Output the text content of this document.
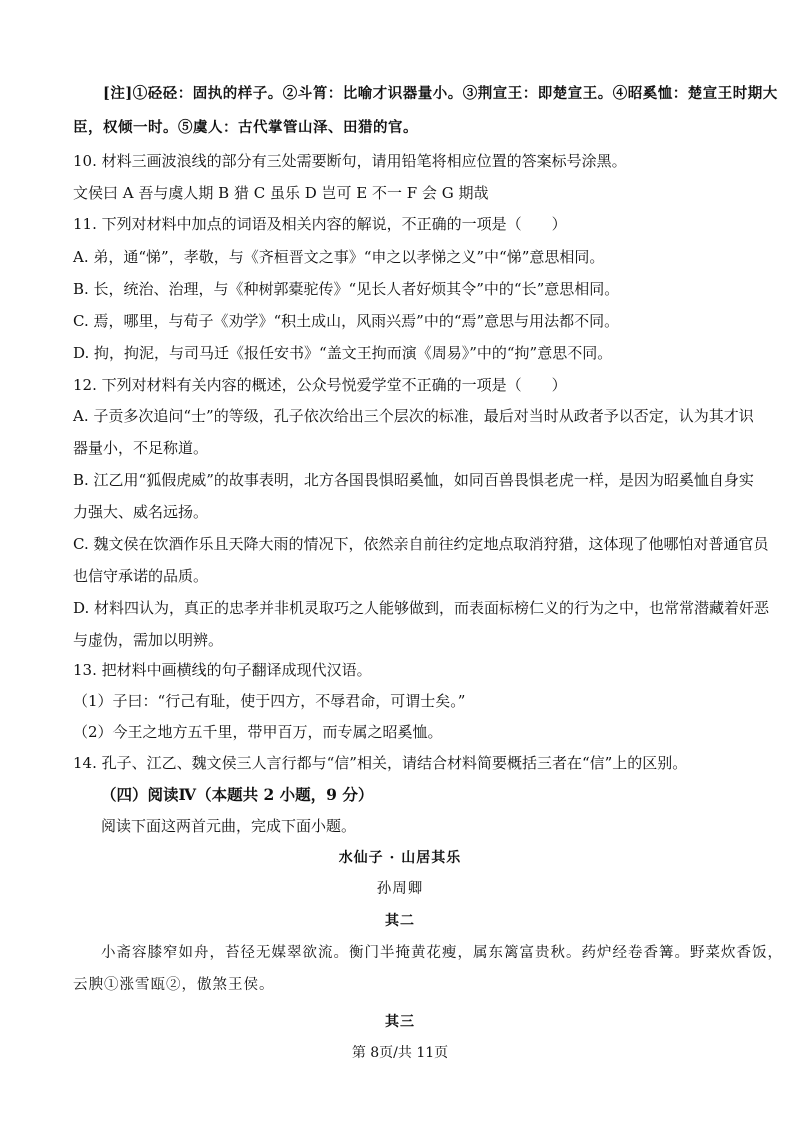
[注]①硁硁：固执的样子。②斗筲：比喻才识器量小。③荆宣王：即楚宣王。④昭奚恤：楚宣王时期大
臣，权倾一时。⑤虞人：古代掌管山泽、田猎的官。
10. 材料三画波浪线的部分有三处需要断句，请用铅笔将相应位置的答案标号涂黑。
文侯曰 A 吾与虞人期 B 猎 C 虽乐 D 岂可 E 不一 F 会 G 期哉
11. 下列对材料中加点的词语及相关内容的解说，不正确的一项是（　　）
A. 弟，通“悌”，孝敬，与《齐桓晋文之事》“申之以孝悌之义”中“悌”意思相同。
B. 长，统治、治理，与《种树郭橐驼传》“见长人者好烦其令”中的“长”意思相同。
C. 焉，哪里，与荀子《劝学》“积土成山，风雨兴焉”中的“焉”意思与用法都不同。
D. 拘，拘泥，与司马迁《报任安书》“盖文王拘而演《周易》”中的“拘”意思不同。
12. 下列对材料有关内容的概述，公众号悦爱学堂不正确的一项是（　　）
A. 子贡多次追问“士”的等级，孔子依次给出三个层次的标准，最后对当时从政者予以否定，认为其才识
器量小，不足称道。
B. 江乙用“狐假虎威”的故事表明，北方各国畏惧昭奚恤，如同百兽畏惧老虎一样，是因为昭奚恤自身实
力强大、威名远扬。
C. 魏文侯在饮酒作乐且天降大雨的情况下，依然亲自前往约定地点取消狩猎，这体现了他哪怕对普通官员
也信守承诺的品质。
D. 材料四认为，真正的忠孝并非机灵取巧之人能够做到，而表面标榜仁义的行为之中，也常常潜藏着奸恶
与虚伪，需加以明辨。
13. 把材料中画横线的句子翻译成现代汉语。
（1）子曰：“行己有耻，使于四方，不辱君命，可谓士矣。”
（2）今王之地方五千里，带甲百万，而专属之昭奚恤。
14. 孔子、江乙、魏文侯三人言行都与“信”相关，请结合材料简要概括三者在“信”上的区别。
（四）阅读Ⅳ（本题共 2 小题，9 分）
阅读下面这两首元曲，完成下面小题。
水仙子 · 山居其乐
孙周卿
其二
小斋容膝窄如舟，苔径无媒翠欲流。衡门半掩黄花瘦，属东篱富贵秋。药炉经卷香篝。野菜炊香饭，
云腴①涨雪瓯②，傲煞王侯。
其三
第 8页/共 11页
